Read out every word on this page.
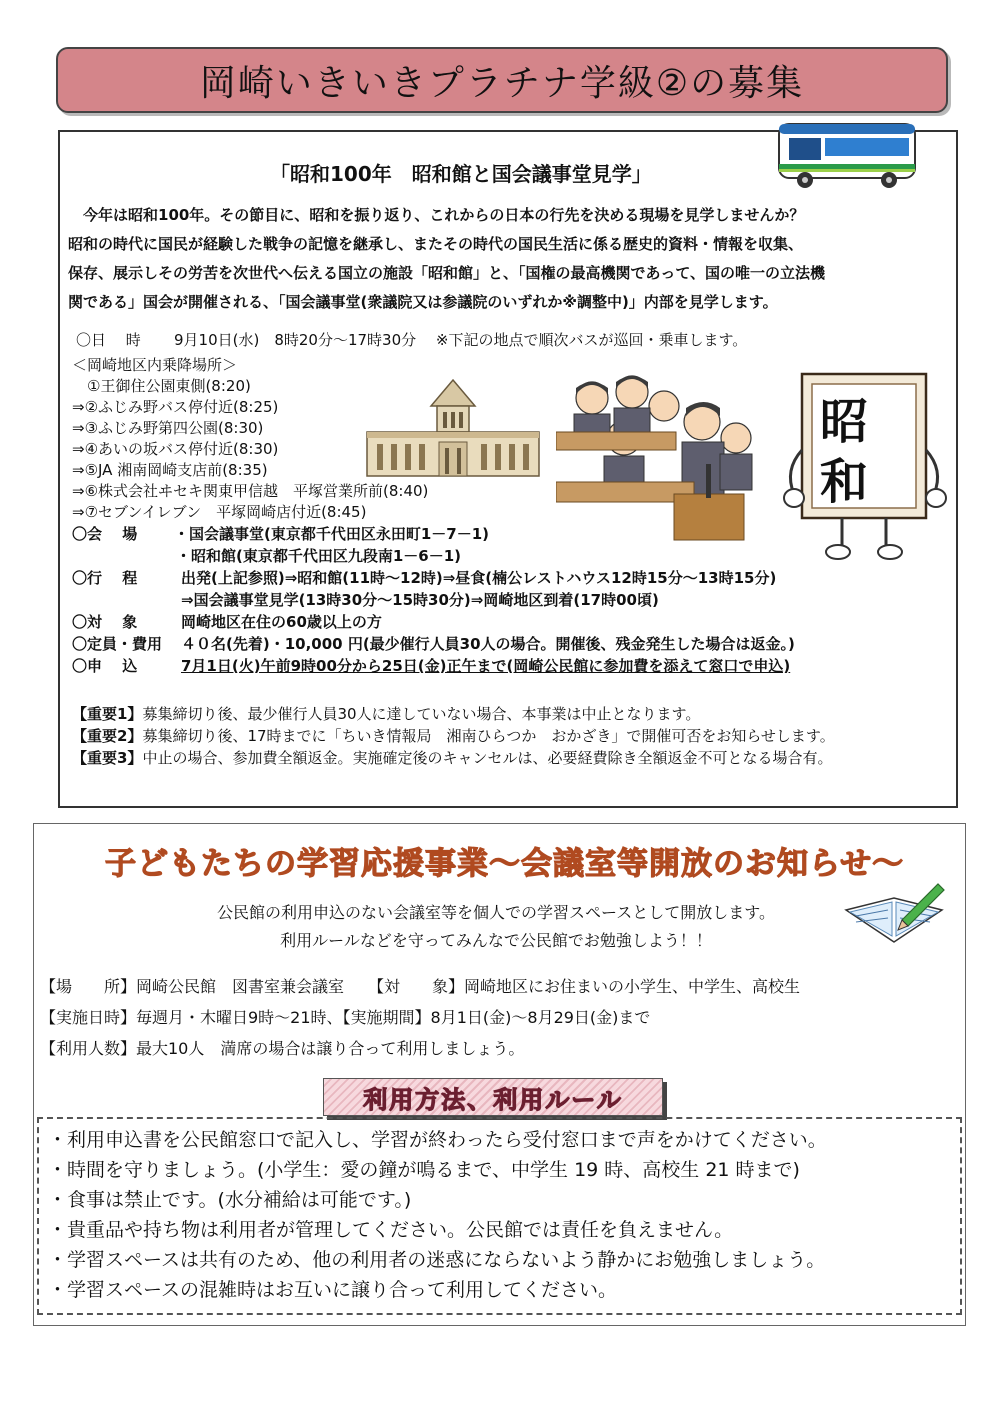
岡崎いきいきプラチナ学級②の募集
「昭和100年　昭和館と国会議事堂見学」

　今年は昭和100年。その節目に、昭和を振り返り、これからの日本の行先を決める現場を見学しませんか？

昭和の時代に国民が経験した戦争の記憶を継承し、またその時代の国民生活に係る歴史的資料・情報を収集、

保存、展示しその労苦を次世代へ伝える国立の施設「昭和館」と、「国権の最高機関であって、国の唯一の立法機

関である」国会が開催される、「国会議事堂(衆議院又は参議院のいずれか※調整中)」内部を見学します。

〇日　 時 9月10日(水)　8時20分～17時30分　 ※下記の地点で順次バスが巡回・乗車します。
＜岡崎地区内乗降場所＞
　①王御住公園東側(8:20)
⇒②ふじみ野バス停付近(8:25)
⇒③ふじみ野第四公園(8:30)
⇒④あいの坂バス停付近(8:30)
⇒⑤JA 湘南岡崎支店前(8:35)
⇒⑥株式会社ヰセキ関東甲信越　平塚営業所前(8:40)
⇒⑦セブンイレブン　平塚岡崎店付近(8:45)
〇会　 場 ・国会議事堂(東京都千代田区永田町1－7－1)
・昭和館(東京都千代田区九段南1－6－1)
〇行　 程	出発(上記参照)⇒昭和館(11時～12時)⇒昼食(楠公レストハウス12時15分～13時15分)
⇒国会議事堂見学(13時30分～15時30分)⇒岡崎地区到着(17時00頃)
〇対　 象	岡崎地区在住の60歳以上の方
〇定員・費用 ４０名(先着)・10,000 円(最少催行人員30人の場合。開催後、残金発生した場合は返金。)
〇申　 込	7月1日(火)午前9時00分から25日(金)正午まで(岡崎公民館に参加費を添えて窓口で申込)
【重要1】募集締切り後、最少催行人員30人に達していない場合、本事業は中止となります。
【重要2】募集締切り後、17時までに「ちいき情報局　湘南ひらつか　おかざき」で開催可否をお知らせします。
【重要3】中止の場合、参加費全額返金。実施確定後のキャンセルは、必要経費除き全額返金不可となる場合有。
昭
和
子どもたちの学習応援事業～会議室等開放のお知らせ～
公民館の利用申込のない会議室等を個人での学習スペースとして開放します。
利用ルールなどを守ってみんなで公民館でお勉強しよう！！
【場　　所】岡崎公民館　図書室兼会議室　　【対　　象】岡崎地区にお住まいの小学生、中学生、高校生
【実施日時】毎週月・木曜日9時～21時、【実施期間】8月1日(金)～8月29日(金)まで
【利用人数】最大10人　満席の場合は譲り合って利用しましょう。
利用方法、利用ルール
・利用申込書を公民館窓口で記入し、学習が終わったら受付窓口まで声をかけてください。
・時間を守りましょう。(小学生：愛の鐘が鳴るまで、中学生 19 時、高校生 21 時まで)
・食事は禁止です。(水分補給は可能です。)
・貴重品や持ち物は利用者が管理してください。公民館では責任を負えません。
・学習スペースは共有のため、他の利用者の迷惑にならないよう静かにお勉強しましょう。
・学習スペースの混雑時はお互いに譲り合って利用してください。
